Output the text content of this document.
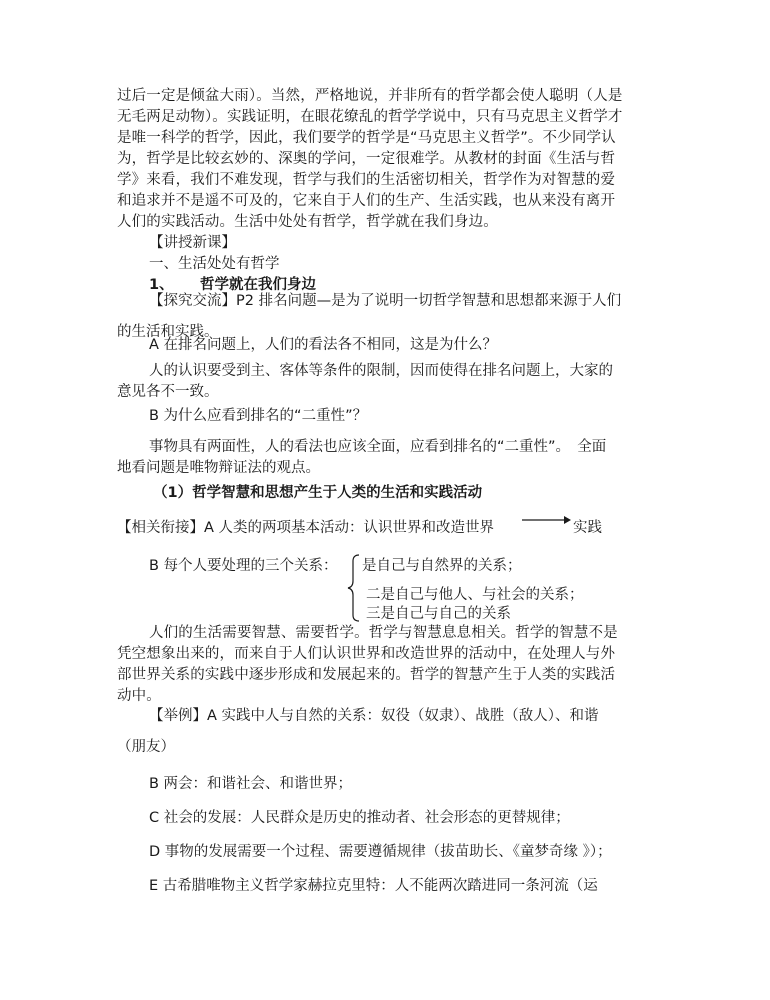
过后一定是倾盆大雨）。当然，严格地说，并非所有的哲学都会使人聪明（人是
无毛两足动物）。实践证明，在眼花缭乱的哲学学说中，只有马克思主义哲学才
是唯一科学的哲学，因此，我们要学的哲学是“马克思主义哲学”。不少同学认
为，哲学是比较玄妙的、深奥的学问，一定很难学。从教材的封面《生活与哲
学》来看，我们不难发现，哲学与我们的生活密切相关，哲学作为对智慧的爱
和追求并不是遥不可及的，它来自于人们的生产、生活实践，也从来没有离开
人们的实践活动。生活中处处有哲学，哲学就在我们身边。
【讲授新课】
一、生活处处有哲学
1、 哲学就在我们身边
【探究交流】P2 排名问题—是为了说明一切哲学智慧和思想都来源于人们
的生活和实践。
A 在排名问题上，人们的看法各不相同，这是为什么？
人的认识要受到主、客体等条件的限制，因而使得在排名问题上，大家的
意见各不一致。
B 为什么应看到排名的“二重性”？
事物具有两面性，人的看法也应该全面，应看到排名的“二重性”。　全面
地看问题是唯物辩证法的观点。
（1）哲学智慧和思想产生于人类的生活和实践活动
【相关衔接】A 人类的两项基本活动：认识世界和改造世界	实践
B 每个人要处理的三个关系： 是自己与自然界的关系；
二是自己与他人、与社会的关系；
三是自己与自己的关系
人们的生活需要智慧、需要哲学。哲学与智慧息息相关。哲学的智慧不是
凭空想象出来的，而来自于人们认识世界和改造世界的活动中，在处理人与外
部世界关系的实践中逐步形成和发展起来的。哲学的智慧产生于人类的实践活
动中。
【举例】A 实践中人与自然的关系：奴役（奴隶）、战胜（敌人）、和谐
（朋友）
B 两会：和谐社会、和谐世界；
C 社会的发展：人民群众是历史的推动者、社会形态的更替规律；
D 事物的发展需要一个过程、需要遵循规律（拔苗助长、《童梦奇缘 》）；
E 古希腊唯物主义哲学家赫拉克里特：人不能两次踏进同一条河流（运
